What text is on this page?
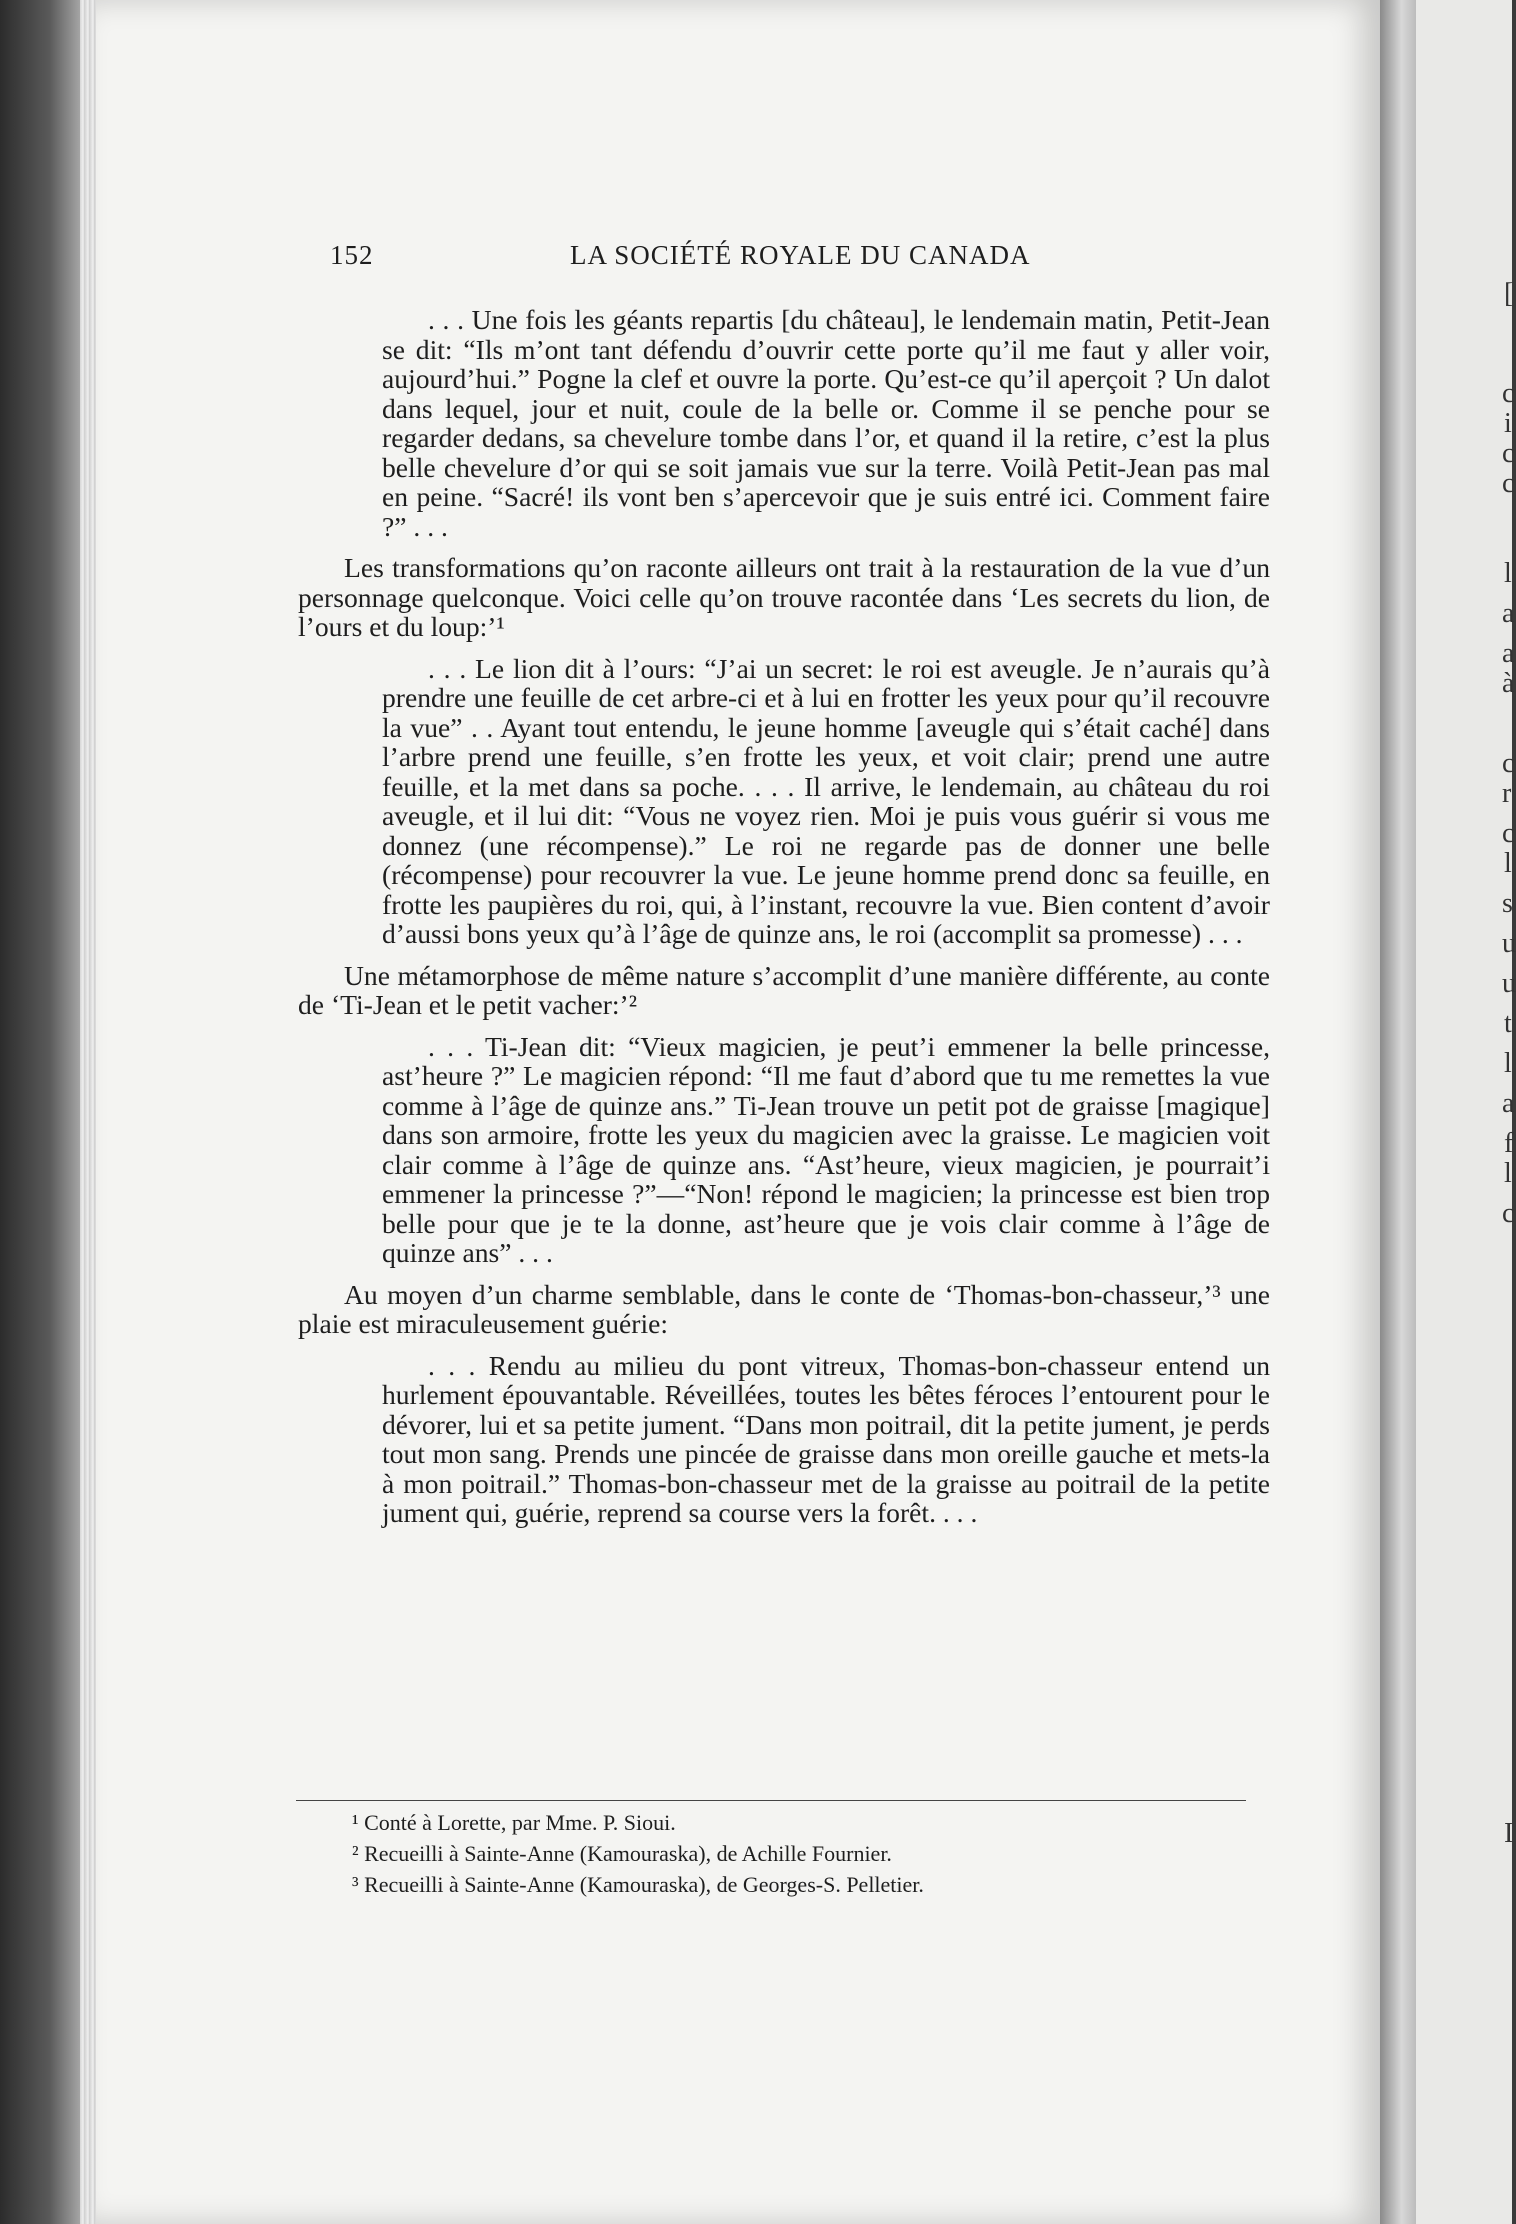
152	LA SOCIÉTÉ ROYALE DU CANADA

. . . Une fois les géants repartis [du château], le lendemain matin, Petit-Jean se dit: “Ils m’ont tant défendu d’ouvrir cette porte qu’il me faut y aller voir, aujourd’hui.” Pogne la clef et ouvre la porte. Qu’est-ce qu’il aperçoit ? Un dalot dans lequel, jour et nuit, coule de la belle or. Comme il se penche pour se regarder dedans, sa chevelure tombe dans l’or, et quand il la retire, c’est la plus belle chevelure d’or qui se soit jamais vue sur la terre. Voilà Petit-Jean pas mal en peine. “Sacré! ils vont ben s’apercevoir que je suis entré ici. Comment faire ?” . . .

Les transformations qu’on raconte ailleurs ont trait à la restauration de la vue d’un personnage quelconque. Voici celle qu’on trouve racontée dans ‘Les secrets du lion, de l’ours et du loup:’¹

. . . Le lion dit à l’ours: “J’ai un secret: le roi est aveugle. Je n’aurais qu’à prendre une feuille de cet arbre-ci et à lui en frotter les yeux pour qu’il recouvre la vue” . . Ayant tout entendu, le jeune homme [aveugle qui s’était caché] dans l’arbre prend une feuille, s’en frotte les yeux, et voit clair; prend une autre feuille, et la met dans sa poche. . . . Il arrive, le lendemain, au château du roi aveugle, et il lui dit: “Vous ne voyez rien. Moi je puis vous guérir si vous me donnez (une récompense).” Le roi ne regarde pas de donner une belle (récompense) pour recouvrer la vue. Le jeune homme prend donc sa feuille, en frotte les paupières du roi, qui, à l’instant, recouvre la vue. Bien content d’avoir d’aussi bons yeux qu’à l’âge de quinze ans, le roi (accomplit sa promesse) . . .

Une métamorphose de même nature s’accomplit d’une manière différente, au conte de ‘Ti-Jean et le petit vacher:’²

. . . Ti-Jean dit: “Vieux magicien, je peut’i emmener la belle princesse, ast’heure ?” Le magicien répond: “Il me faut d’abord que tu me remettes la vue comme à l’âge de quinze ans.” Ti-Jean trouve un petit pot de graisse [magique] dans son armoire, frotte les yeux du magicien avec la graisse. Le magicien voit clair comme à l’âge de quinze ans. “Ast’heure, vieux magicien, je pourrait’i emmener la princesse ?”—“Non! répond le magicien; la princesse est bien trop belle pour que je te la donne, ast’heure que je vois clair comme à l’âge de quinze ans” . . .

Au moyen d’un charme semblable, dans le conte de ‘Thomas-bon-chasseur,’³ une plaie est miraculeusement guérie:

. . . Rendu au milieu du pont vitreux, Thomas-bon-chasseur entend un hurlement épouvantable. Réveillées, toutes les bêtes féroces l’entourent pour le dévorer, lui et sa petite jument. “Dans mon poitrail, dit la petite jument, je perds tout mon sang. Prends une pincée de graisse dans mon oreille gauche et mets-la à mon poitrail.” Thomas-bon-chasseur met de la graisse au poitrail de la petite jument qui, guérie, reprend sa course vers la forêt. . . .

¹ Conté à Lorette, par Mme. P. Sioui.

² Recueilli à Sainte-Anne (Kamouraska), de Achille Fournier.

³ Recueilli à Sainte-Anne (Kamouraska), de Georges-S. Pelletier.

[
c
i
c
c
l
a
a
à
c
r
c
l
s
u
u
t
l
a
f
l
c
I
